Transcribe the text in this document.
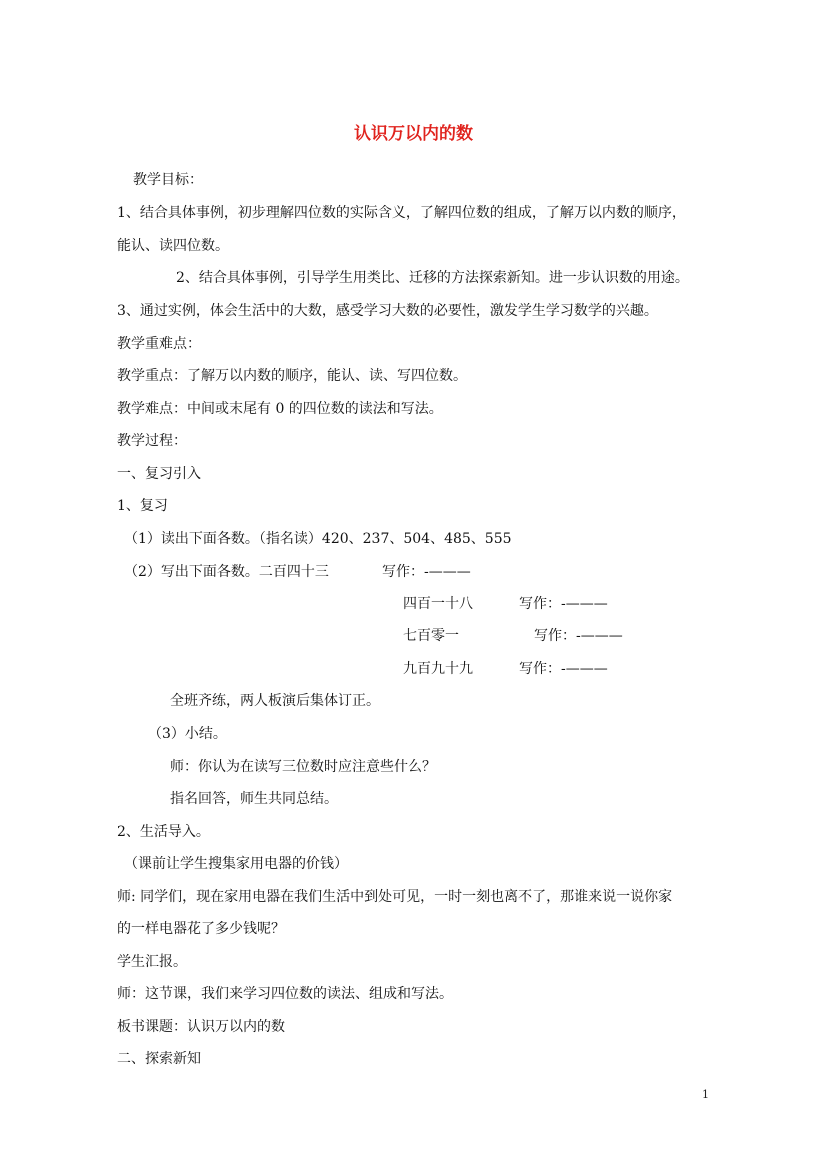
认识万以内的数
教学目标：
1、结合具体事例，初步理解四位数的实际含义，了解四位数的组成，了解万以内数的顺序，
能认、读四位数。
2、结合具体事例，引导学生用类比、迁移的方法探索新知。进一步认识数的用途。
3、通过实例，体会生活中的大数，感受学习大数的必要性，激发学生学习数学的兴趣。
教学重难点：
教学重点：了解万以内数的顺序，能认、读、写四位数。
教学难点：中间或末尾有 0 的四位数的读法和写法。
教学过程：
一、复习引入
1、复习
（1）读出下面各数。（指名读）420、237、504、485、555
（2）写出下面各数。二百四十三	写作：-———
四百一十八	写作：-———
七百零一	写作：-———
九百九十九	写作：-———
全班齐练，两人板演后集体订正。
（3）小结。
师：你认为在读写三位数时应注意些什么？
指名回答，师生共同总结。
2、生活导入。
（课前让学生搜集家用电器的价钱）
师: 同学们，现在家用电器在我们生活中到处可见，一时一刻也离不了，那谁来说一说你家
的一样电器花了多少钱呢？
学生汇报。
师：这节课，我们来学习四位数的读法、组成和写法。
板书课题：认识万以内的数
二、探索新知
1
